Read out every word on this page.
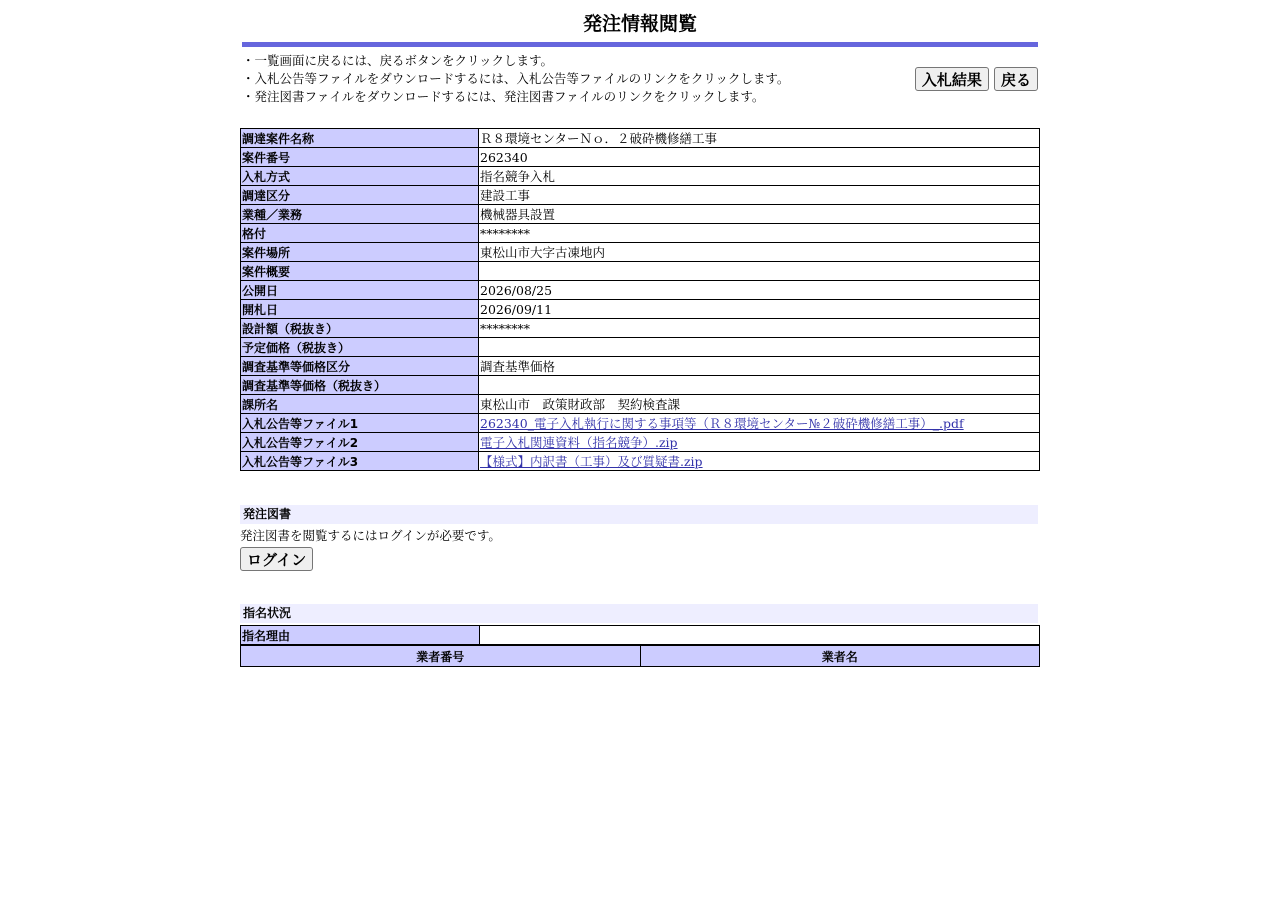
発注情報閲覧
・一覧画面に戻るには、戻るボタンをクリックします。
・入札公告等ファイルをダウンロードするには、入札公告等ファイルのリンクをクリックします。
・発注図書ファイルをダウンロードするには、発注図書ファイルのリンクをクリックします。
入札結果 戻る
調達案件名称	Ｒ８環境センターＮｏ．２破砕機修繕工事
案件番号	262340
入札方式	指名競争入札
調達区分	建設工事
業種／業務	機械器具設置
格付	********
案件場所	東松山市大字古凍地内
案件概要	
公開日	2026/08/25
開札日	2026/09/11
設計額（税抜き）	********
予定価格（税抜き）	
調査基準等価格区分	調査基準価格
調査基準等価格（税抜き）	
課所名	東松山市　政策財政部　契約検査課
入札公告等ファイル1	262340_電子入札執行に関する事項等（Ｒ８環境センター№２破砕機修繕工事）_.pdf
入札公告等ファイル2	電子入札関連資料（指名競争）.zip
入札公告等ファイル3	【様式】内訳書（工事）及び質疑書.zip
発注図書
発注図書を閲覧するにはログインが必要です。
ログイン
指名状況
指名理由	
業者番号	業者名
